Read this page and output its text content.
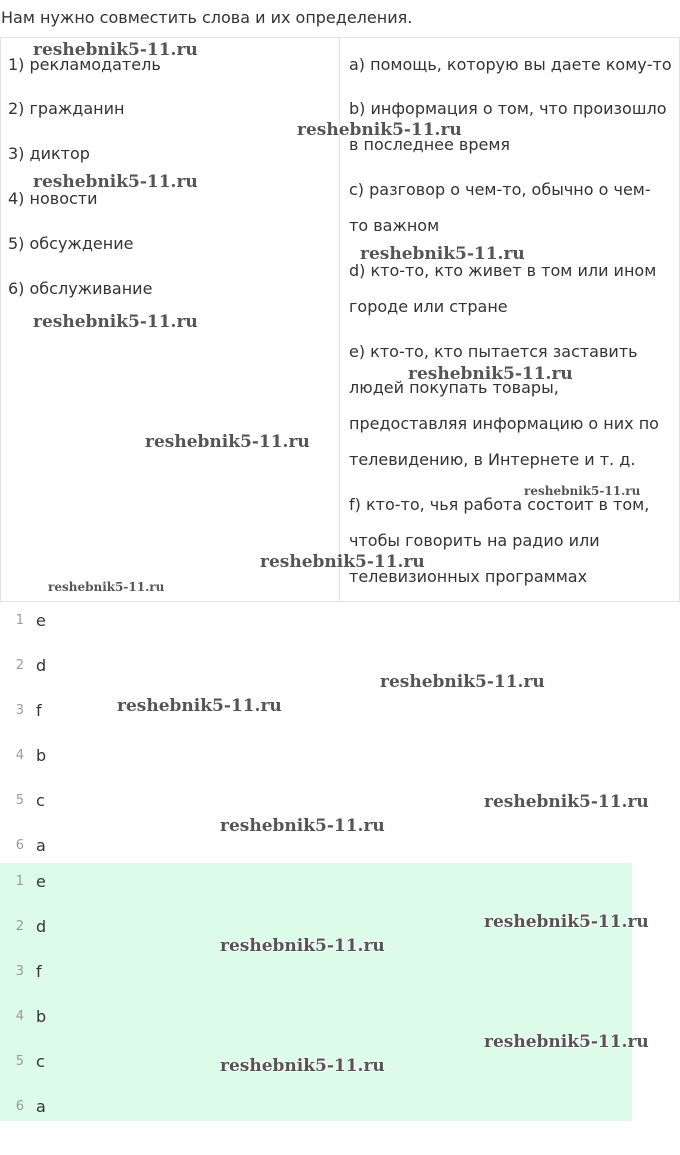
Нам нужно совместить слова и их определения.

1) рекламодатель
2) гражданин
3) диктор
4) новости
5) обсуждение
6) обслуживание
а) помощь, которую вы даете кому-то
b) информация о том, что произошло
в последнее время
c) разговор о чем-то, обычно о чем-
то важном
d) кто-то, кто живет в том или ином
городе или стране
e) кто-то, кто пытается заставить
людей покупать товары,
предоставляя информацию о них по
телевидению, в Интернете и т. д.
f) кто-то, чья работа состоит в том,
чтобы говорить на радио или
телевизионных программах
1 e
2 d
3 f
4 b
5 c
6 a
1 e
2 d
3 f
4 b
5 c
6 a
reshebnik5-11.ru
reshebnik5-11.ru
reshebnik5-11.ru
reshebnik5-11.ru
reshebnik5-11.ru
reshebnik5-11.ru
reshebnik5-11.ru
reshebnik5-11.ru
reshebnik5-11.ru
reshebnik5-11.ru
reshebnik5-11.ru
reshebnik5-11.ru
reshebnik5-11.ru
reshebnik5-11.ru
reshebnik5-11.ru
reshebnik5-11.ru
reshebnik5-11.ru
reshebnik5-11.ru
